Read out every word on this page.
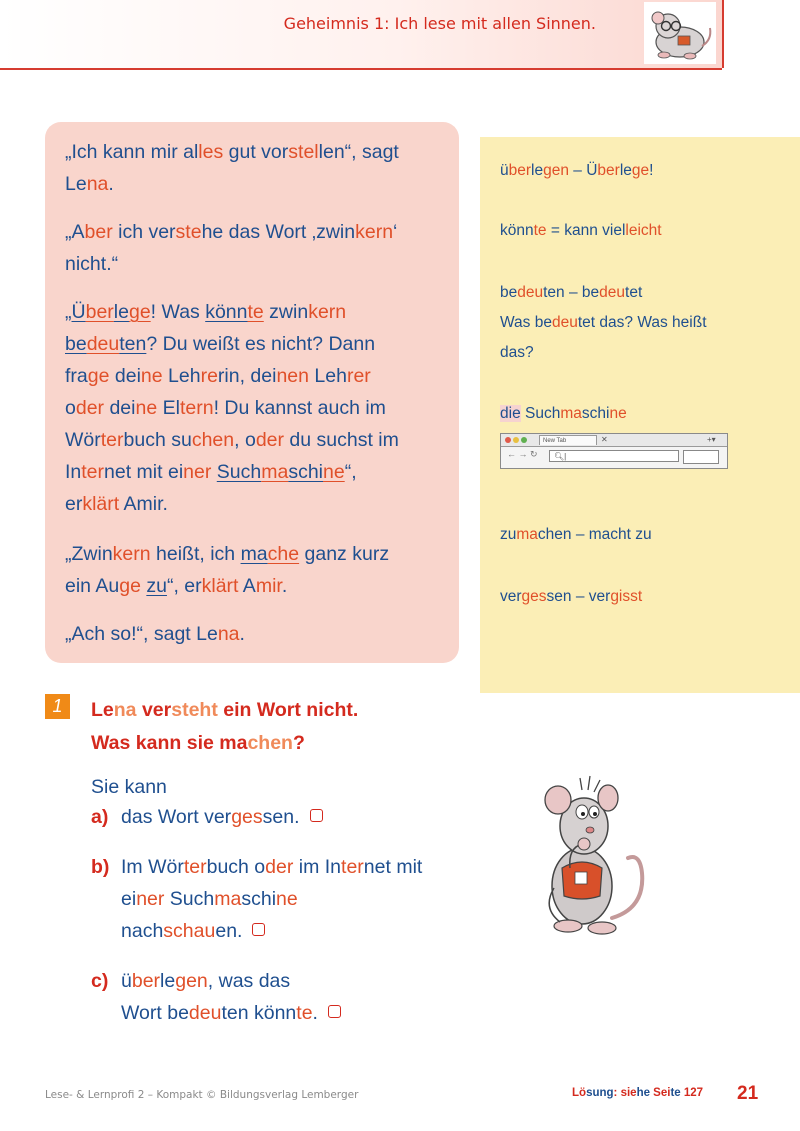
Geheimnis 1: Ich lese mit allen Sinnen.

„Ich kann mir alles gut vorstellen“, sagt
Lena.

„Aber ich verstehe das Wort ‚zwinkern‘
nicht.“

„Überlege! Was könnte zwinkern
bedeuten? Du weißt es nicht? Dann
frage deine Lehrerin, deinen Lehrer
oder deine Eltern! Du kannst auch im
Wörterbuch suchen, oder du suchst im
Internet mit einer Suchmaschine“,
erklärt Amir.

„Zwinkern heißt, ich mache ganz kurz
ein Auge zu“, erklärt Amir.

„Ach so!“, sagt Lena.

überlegen – Überlege!
könnte = kann vielleicht
bedeuten – bedeutet
Was bedeutet das? Was heißt
das?
die Suchmaschine
New Tab	✕	+▾
← → ↻	🔍︎|
zumachen – macht zu
vergessen – vergisst
1	Lena versteht ein Wort nicht.
Was kann sie machen?
Sie kann
a) das Wort vergessen.
b) Im Wörterbuch oder im Internet mit
einer Suchmaschine
nachschauen.
c) überlegen, was das
Wort bedeuten könnte.
Lese- & Lernprofi 2 – Kompakt © Bildungsverlag Lemberger	Lösung: siehe Seite 127 21
